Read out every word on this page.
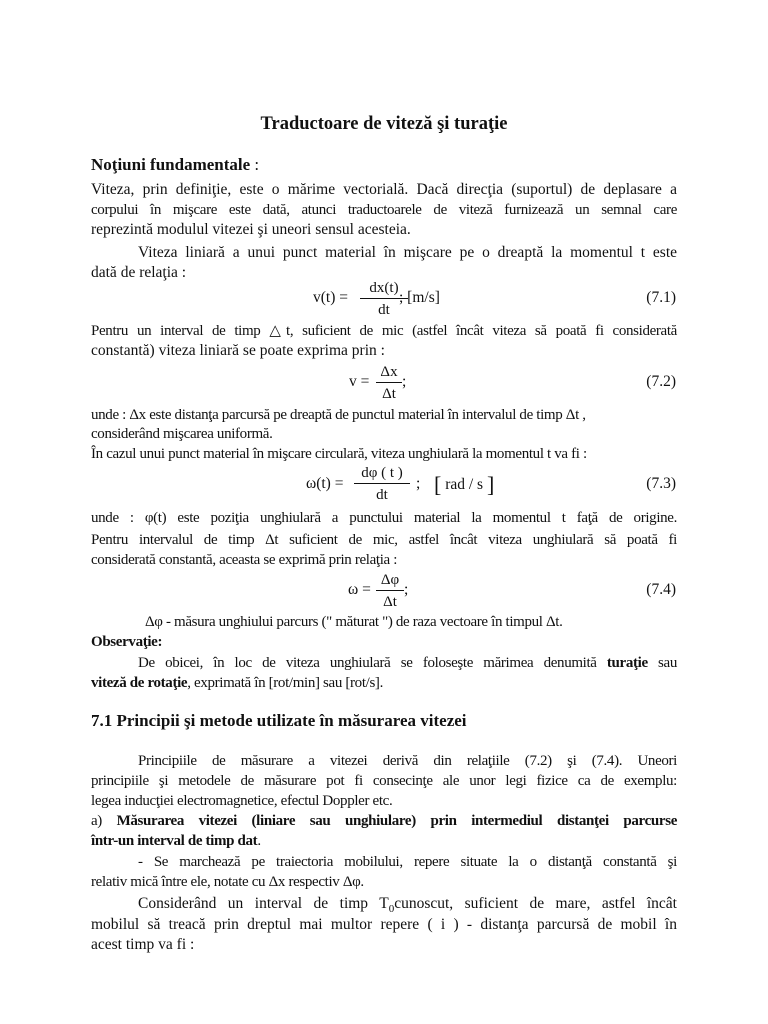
Traductoare de viteză şi turaţie
Noţiuni fundamentale :
Viteza, prin definiţie, este o mărime vectorială. Dacă direcţia (suportul) de deplasare a
corpului în mişcare este dată, atunci traductoarele de viteză furnizează un semnal care
reprezintă modulul vitezei şi uneori sensul acesteia.
Viteza liniară a unui punct material în mişcare pe o dreaptă la momentul t este
dată de relaţia :
$v(t) = \frac{dx(t)}{dt}$
; [m/s]	(7.1)
Pentru un interval de timp △t, suficient de mic (astfel încât viteza să poată fi considerată
constantă) viteza liniară se poate exprima prin :
$v = \frac{\Delta x}{\Delta t}$ ;	(7.2)
unde : Δx este distanţa parcursă pe dreaptă de punctul material în intervalul de timp Δt ,
considerând mişcarea uniformă.
În cazul unui punct material în mişcare circulară, viteza unghiulară la momentul t va fi :
$\omega(t) = \frac{d\varphi ( t )}{dt}$ ; [ rad / s ]	(7.3)
unde : φ(t) este poziţia unghiulară a punctului material la momentul t faţă de origine.
Pentru intervalul de timp Δt suficient de mic, astfel încât viteza unghiulară să poată fi
considerată constantă, aceasta se exprimă prin relaţia :
$\omega = \frac{\Delta\varphi}{\Delta t}$ ;	(7.4)
Δφ - măsura unghiului parcurs (" măturat ") de raza vectoare în timpul Δt.
Observaţie:
De obicei, în loc de viteza unghiulară se foloseşte mărimea denumită turaţie sau
viteză de rotaţie, exprimată în [rot/min] sau [rot/s].
7.1 Principii şi metode utilizate în măsurarea vitezei
Principiile de măsurare a vitezei derivă din relaţiile (7.2) şi (7.4). Uneori
principiile şi metodele de măsurare pot fi consecinţe ale unor legi fizice ca de exemplu:
legea inducţiei electromagnetice, efectul Doppler etc.
a) Măsurarea vitezei (liniare sau unghiulare) prin intermediul distanţei parcurse
într-un interval de timp dat.
- Se marchează pe traiectoria mobilului, repere situate la o distanţă constantă şi
relativ mică între ele, notate cu Δx respectiv Δφ.
Considerând un interval de timp $T_0cunoscut$, suficient de mare, astfel încât
mobilul să treacă prin dreptul mai multor repere ( i ) - distanţa parcursă de mobil în
acest timp va fi :
